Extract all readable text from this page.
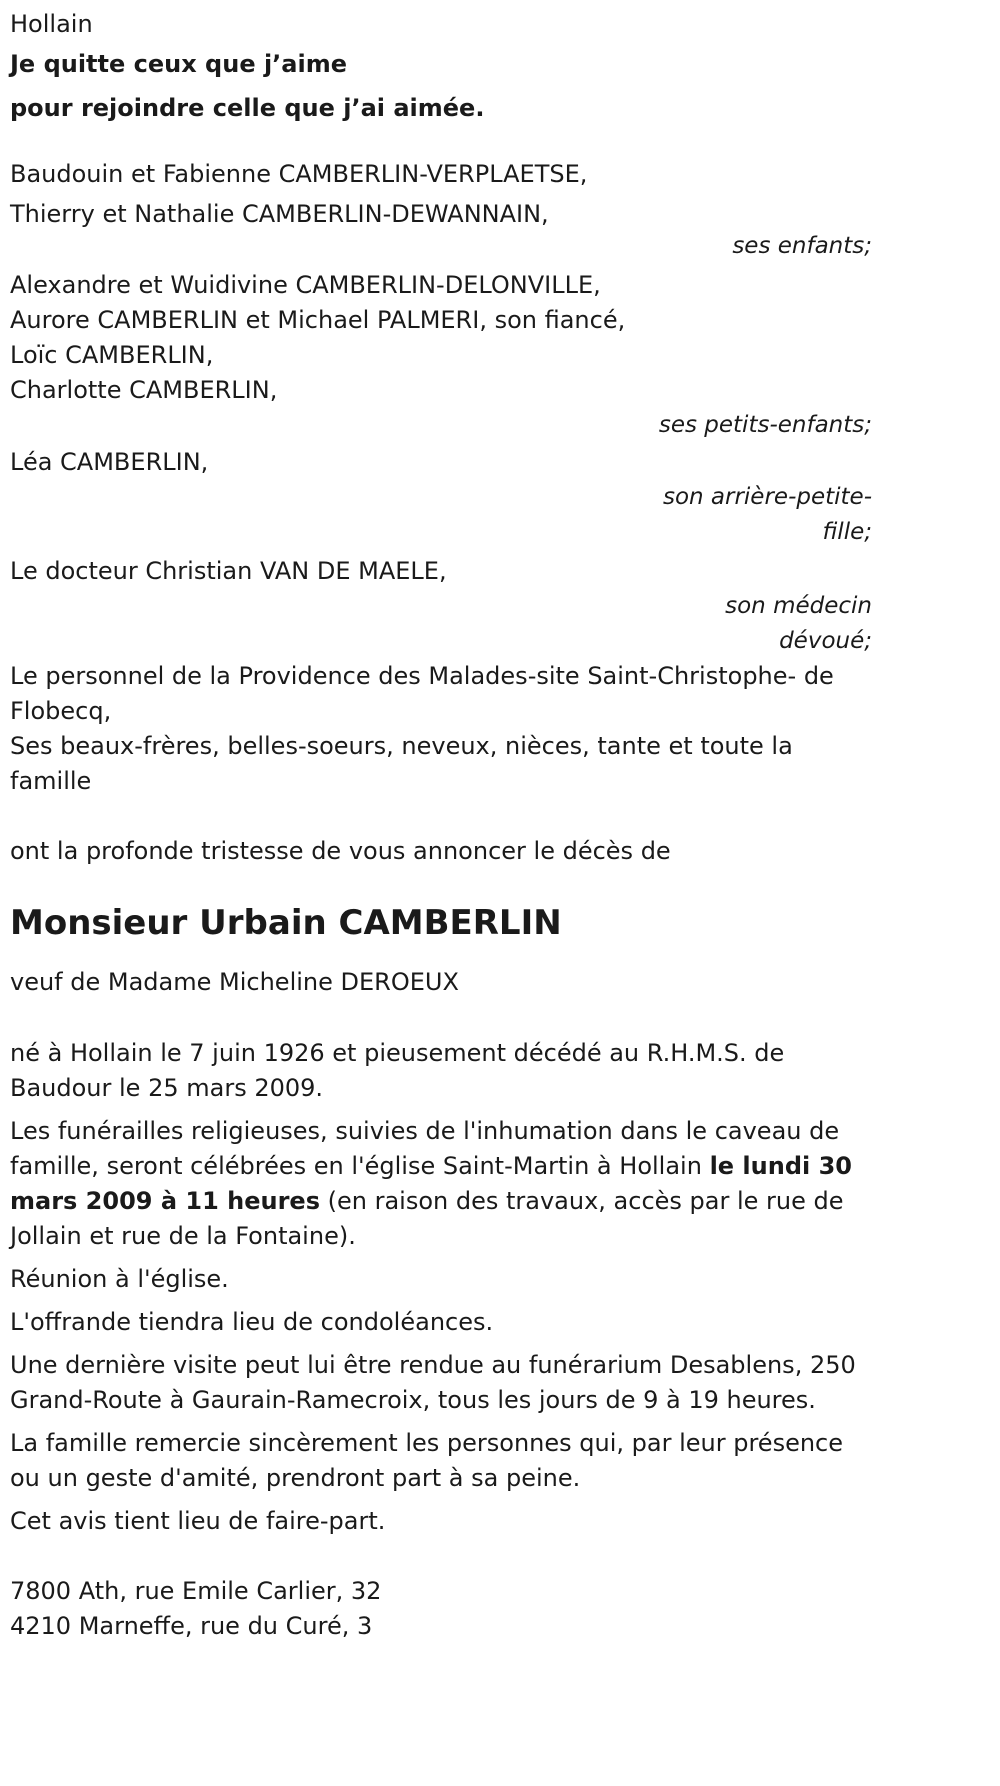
Hollain
Je quitte ceux que j’aime
pour rejoindre celle que j’ai aimée.
Baudouin et Fabienne CAMBERLIN-VERPLAETSE,
Thierry et Nathalie CAMBERLIN-DEWANNAIN,
ses enfants;
Alexandre et Wuidivine CAMBERLIN-DELONVILLE,
Aurore CAMBERLIN et Michael PALMERI, son fiancé,
Loïc CAMBERLIN,
Charlotte CAMBERLIN,
ses petits-enfants;
Léa CAMBERLIN,
son arrière-petite-fille;
Le docteur Christian VAN DE MAELE,
son médecin dévoué;

Le personnel de la Providence des Malades-site Saint-Christophe- de Flobecq,

Ses beaux-frères, belles-soeurs, neveux, nièces, tante et toute la famille

ont la profonde tristesse de vous annoncer le décès de

Monsieur Urbain CAMBERLIN

veuf de Madame Micheline DEROEUX

né à Hollain le 7 juin 1926 et pieusement décédé au R.H.M.S. de Baudour le 25 mars 2009.

Les funérailles religieuses, suivies de l'inhumation dans le caveau de famille, seront célébrées en l'église Saint-Martin à Hollain le lundi 30 mars 2009 à 11 heures (en raison des travaux, accès par le rue de Jollain et rue de la Fontaine).

Réunion à l'église.

L'offrande tiendra lieu de condoléances.

Une dernière visite peut lui être rendue au funérarium Desablens, 250 Grand-Route à Gaurain-Ramecroix, tous les jours de 9 à 19 heures.

La famille remercie sincèrement les personnes qui, par leur présence ou un geste d'amité, prendront part à sa peine.

Cet avis tient lieu de faire-part.

7800 Ath, rue Emile Carlier, 32
4210 Marneffe, rue du Curé, 3
